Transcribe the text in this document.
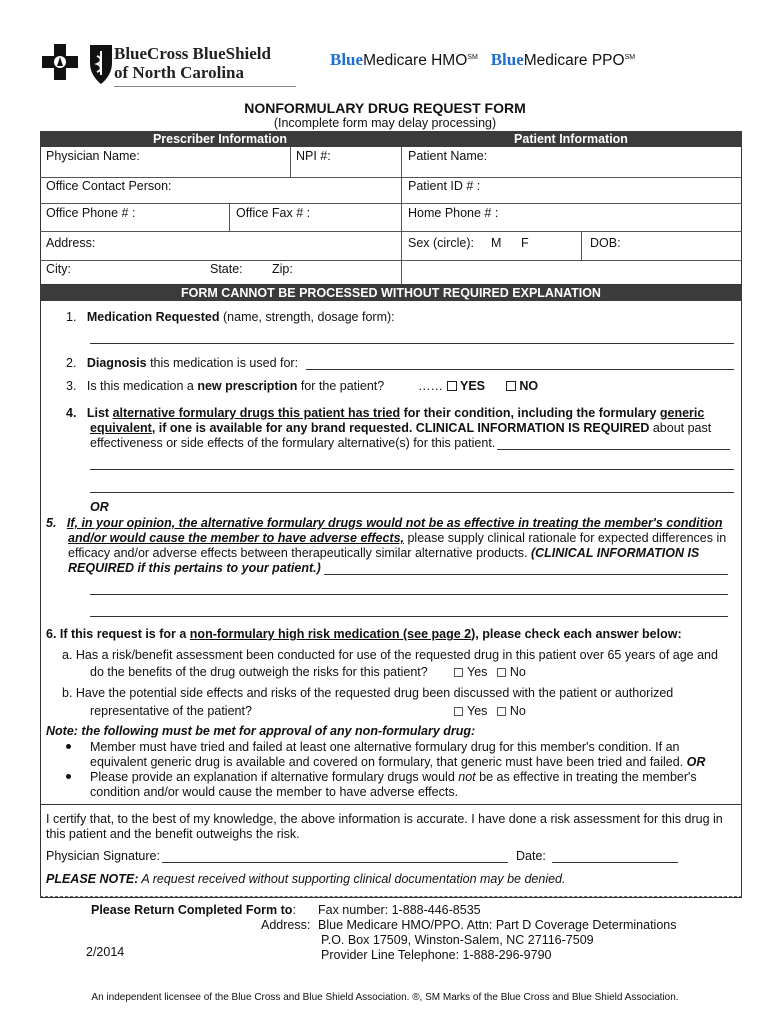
BlueCross BlueShield
of North Carolina
BlueMedicare HMO℠ BlueMedicare PPO℠
NONFORMULARY DRUG REQUEST FORM
(Incomplete form may delay processing)
Prescriber Information	Patient Information
Physician Name:	NPI #:	Patient Name:
Office Contact Person:	Patient ID # :
Office Phone # :	Office Fax # :	Home Phone # :
Address:	Sex (circle): M F	DOB:
City:	State: Zip:
FORM CANNOT BE PROCESSED WITHOUT REQUIRED EXPLANATION
1. Medication Requested (name, strength, dosage form):
2. Diagnosis this medication is used for:
3. Is this medication a new prescription for the patient?	…… YES	NO
4. List alternative formulary drugs this patient has tried for their condition, including the formulary generic
equivalent, if one is available for any brand requested. CLINICAL INFORMATION IS REQUIRED about past
effectiveness or side effects of the formulary alternative(s) for this patient.
OR
5. If, in your opinion, the alternative formulary drugs would not be as effective in treating the member's condition
and/or would cause the member to have adverse effects, please supply clinical rationale for expected differences in
efficacy and/or adverse effects between therapeutically similar alternative products. (CLINICAL INFORMATION IS
REQUIRED if this pertains to your patient.)
6. If this request is for a non-formulary high risk medication (see page 2), please check each answer below:
a. Has a risk/benefit assessment been conducted for use of the requested drug in this patient over 65 years of age and
do the benefits of the drug outweigh the risks for this patient?	Yes No
b. Have the potential side effects and risks of the requested drug been discussed with the patient or authorized
representative of the patient?	Yes No
Note: the following must be met for approval of any non-formulary drug:
Member must have tried and failed at least one alternative formulary drug for this member's condition. If an
equivalent generic drug is available and covered on formulary, that generic must have been tried and failed. OR
Please provide an explanation if alternative formulary drugs would not be as effective in treating the member's
condition and/or would cause the member to have adverse effects.
I certify that, to the best of my knowledge, the above information is accurate. I have done a risk assessment for this drug in
this patient and the benefit outweighs the risk.
Physician Signature:	Date:
PLEASE NOTE: A request received without supporting clinical documentation may be denied.
Please Return Completed Form to: Fax number: 1-888-446-8535
Address: Blue Medicare HMO/PPO. Attn: Part D Coverage Determinations
P.O. Box 17509, Winston-Salem, NC 27116-7509
2/2014	Provider Line Telephone: 1-888-296-9790
An independent licensee of the Blue Cross and Blue Shield Association. ®, SM Marks of the Blue Cross and Blue Shield Association.
